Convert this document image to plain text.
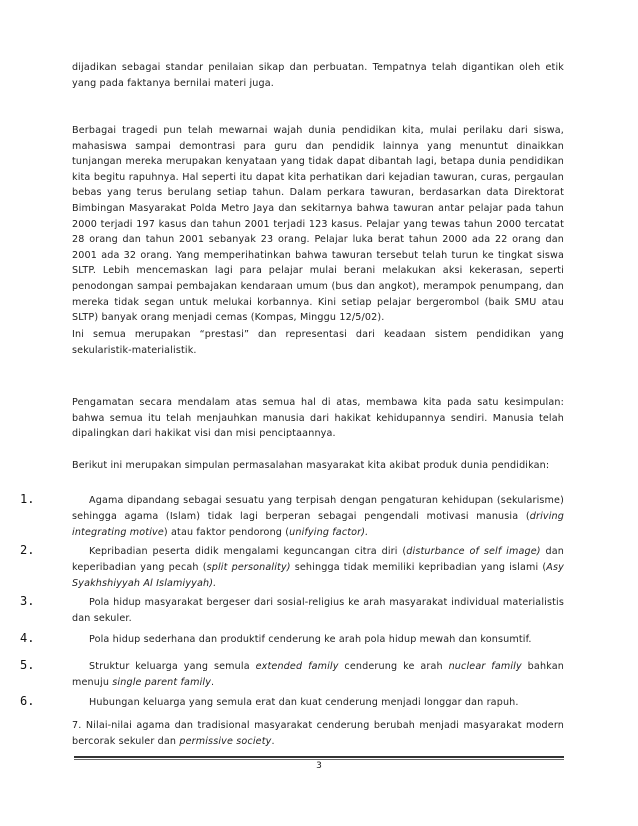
dijadikan sebagai standar penilaian sikap dan perbuatan. Tempatnya telah digantikan oleh etik yang pada faktanya bernilai materi juga.

Berbagai tragedi pun telah mewarnai wajah dunia pendidikan kita, mulai perilaku dari siswa, mahasiswa sampai demontrasi para guru dan pendidik lainnya yang menuntut dinaikkan tunjangan mereka merupakan kenyataan yang tidak dapat dibantah lagi, betapa dunia pendidikan kita begitu rapuhnya. Hal seperti itu dapat kita perhatikan dari kejadian tawuran, curas, pergaulan bebas yang terus berulang setiap tahun. Dalam perkara tawuran, berdasarkan data Direktorat Bimbingan Masyarakat Polda Metro Jaya dan sekitarnya bahwa tawuran antar pelajar pada tahun 2000 terjadi 197 kasus dan tahun 2001 terjadi 123 kasus. Pelajar yang tewas tahun 2000 tercatat 28 orang dan tahun 2001 sebanyak 23 orang. Pelajar luka berat tahun 2000 ada 22 orang dan 2001 ada 32 orang. Yang memperihatinkan bahwa tawuran tersebut telah turun ke tingkat siswa SLTP. Lebih mencemaskan lagi para pelajar mulai berani melakukan aksi kekerasan, seperti penodongan sampai pembajakan kendaraan umum (bus dan angkot), merampok penumpang, dan mereka tidak segan untuk melukai korbannya. Kini setiap pelajar bergerombol (baik SMU atau SLTP) banyak orang menjadi cemas (Kompas, Minggu 12/5/02).

Ini semua merupakan “prestasi” dan representasi dari keadaan sistem pendidikan yang sekularistik-materialistik.

Pengamatan secara mendalam atas semua hal di atas, membawa kita pada satu kesimpulan: bahwa semua itu telah menjauhkan manusia dari hakikat kehidupannya sendiri. Manusia telah dipalingkan dari hakikat visi dan misi penciptaannya.

Berikut ini merupakan simpulan permasalahan masyarakat kita akibat produk dunia pendidikan:

1.	Agama dipandang sebagai sesuatu yang terpisah dengan pengaturan kehidupan (sekularisme) sehingga agama (Islam) tidak lagi berperan sebagai pengendali motivasi manusia (driving integrating motive) atau faktor pendorong (unifying factor).
2.	Kepribadian peserta didik mengalami keguncangan citra diri (disturbance of self image) dan keperibadian yang pecah (split personality) sehingga tidak memiliki kepribadian yang islami (Asy Syakhshiyyah Al Islamiyyah).
3.	Pola hidup masyarakat bergeser dari sosial-religius ke arah masyarakat individual materialistis dan sekuler.
4.	Pola hidup sederhana dan produktif cenderung ke arah pola hidup mewah dan konsumtif.
5.	Struktur keluarga yang semula extended family cenderung ke arah nuclear family bahkan menuju single parent family.
6.	Hubungan keluarga yang semula erat dan kuat cenderung menjadi longgar dan rapuh.

7. Nilai-nilai agama dan tradisional masyarakat cenderung berubah menjadi masyarakat modern bercorak sekuler dan permissive society.

3
